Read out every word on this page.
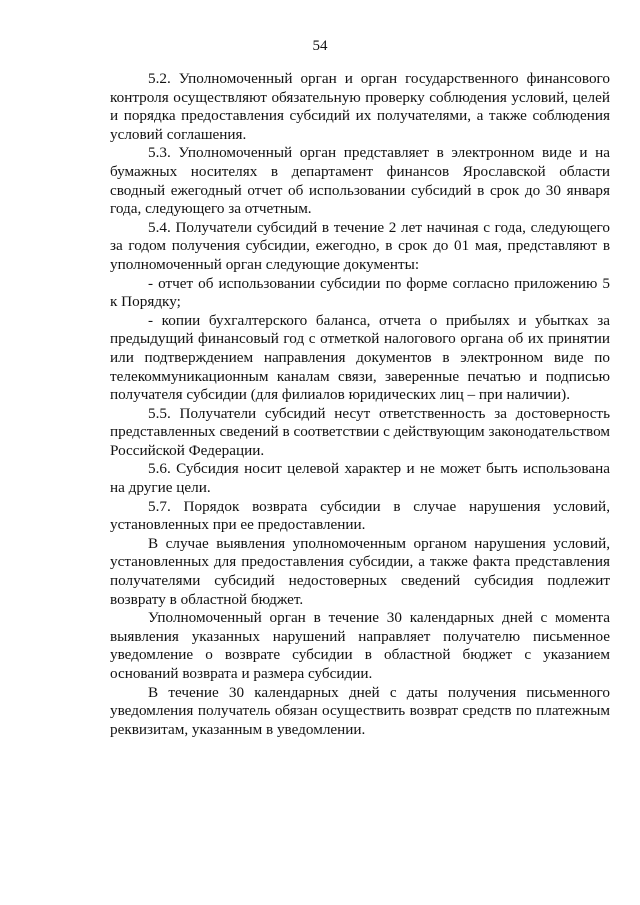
54

5.2. Уполномоченный орган и орган государственного финансового контроля осуществляют обязательную проверку соблюдения условий, целей и порядка предоставления субсидий их получателями, а также соблюдения условий соглашения.

5.3. Уполномоченный орган представляет в электронном виде и на бумажных носителях в департамент финансов Ярославской области сводный ежегодный отчет об использовании субсидий в срок до 30 января года, следующего за отчетным.

5.4. Получатели субсидий в течение 2 лет начиная с года, следующего за годом получения субсидии, ежегодно, в срок до 01 мая, представляют в уполномоченный орган следующие документы:

- отчет об использовании субсидии по форме согласно приложению 5 к Порядку;

- копии бухгалтерского баланса, отчета о прибылях и убытках за предыдущий финансовый год с отметкой налогового органа об их принятии или подтверждением направления документов в электронном виде по телекоммуникационным каналам связи, заверенные печатью и подписью получателя субсидии (для филиалов юридических лиц – при наличии).

5.5. Получатели субсидий несут ответственность за достоверность представленных сведений в соответствии с действующим законодательством Российской Федерации.

5.6. Субсидия носит целевой характер и не может быть использована на другие цели.

5.7. Порядок возврата субсидии в случае нарушения условий, установленных при ее предоставлении.

В случае выявления уполномоченным органом нарушения условий, установленных для предоставления субсидии, а также факта представления получателями субсидий недостоверных сведений субсидия подлежит возврату в областной бюджет.

Уполномоченный орган в течение 30 календарных дней с момента выявления указанных нарушений направляет получателю письменное уведомление о возврате субсидии в областной бюджет с указанием оснований возврата и размера субсидии.

В течение 30 календарных дней с даты получения письменного уведомления получатель обязан осуществить возврат средств по платежным реквизитам, указанным в уведомлении.
